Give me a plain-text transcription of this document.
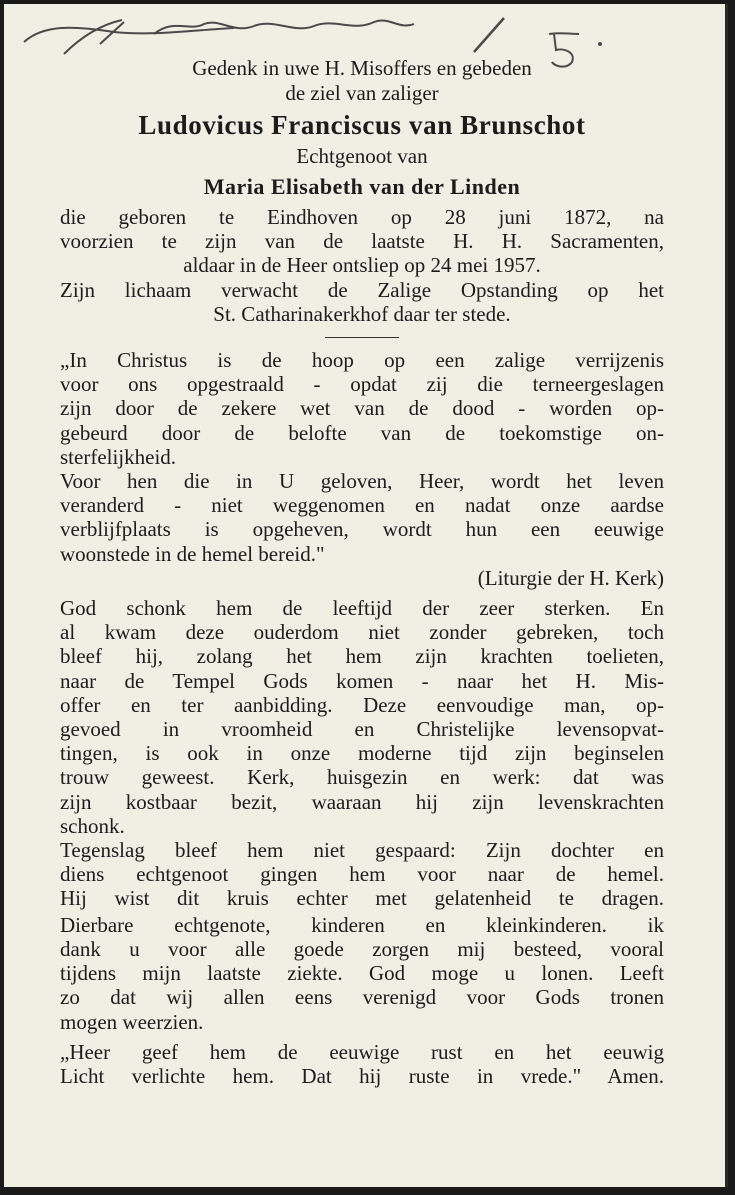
Gedenk in uwe H. Misoffers en gebeden

de ziel van zaliger

Ludovicus Franciscus van Brunschot

Echtgenoot van

Maria Elisabeth van der Linden

die geboren te Eindhoven op 28 juni 1872, na
voorzien te zijn van de laatste H. H. Sacramenten,
aldaar in de Heer ontsliep op 24 mei 1957.
Zijn lichaam verwacht de Zalige Opstanding op het
St. Catharinakerkhof daar ter stede.
„In Christus is de hoop op een zalige verrijzenis
voor ons opgestraald - opdat zij die terneergeslagen
zijn door de zekere wet van de dood - worden op-
gebeurd door de belofte van de toekomstige on-
sterfelijkheid.
Voor hen die in U geloven, Heer, wordt het leven
veranderd - niet weggenomen en nadat onze aardse
verblijfplaats is opgeheven, wordt hun een eeuwige
woonstede in de hemel bereid."
(Liturgie der H. Kerk)
God schonk hem de leeftijd der zeer sterken. En
al kwam deze ouderdom niet zonder gebreken, toch
bleef hij, zolang het hem zijn krachten toelieten,
naar de Tempel Gods komen - naar het H. Mis-
offer en ter aanbidding. Deze eenvoudige man, op-
gevoed in vroomheid en Christelijke levensopvat-
tingen, is ook in onze moderne tijd zijn beginselen
trouw geweest. Kerk, huisgezin en werk: dat was
zijn kostbaar bezit, waaraan hij zijn levenskrachten
schonk.
Tegenslag bleef hem niet gespaard: Zijn dochter en
diens echtgenoot gingen hem voor naar de hemel.
Hij wist dit kruis echter met gelatenheid te dragen.
Dierbare echtgenote, kinderen en kleinkinderen. ik
dank u voor alle goede zorgen mij besteed, vooral
tijdens mijn laatste ziekte. God moge u lonen. Leeft
zo dat wij allen eens verenigd voor Gods tronen
mogen weerzien.
„Heer geef hem de eeuwige rust en het eeuwig
Licht verlichte hem. Dat hij ruste in vrede." Amen.
